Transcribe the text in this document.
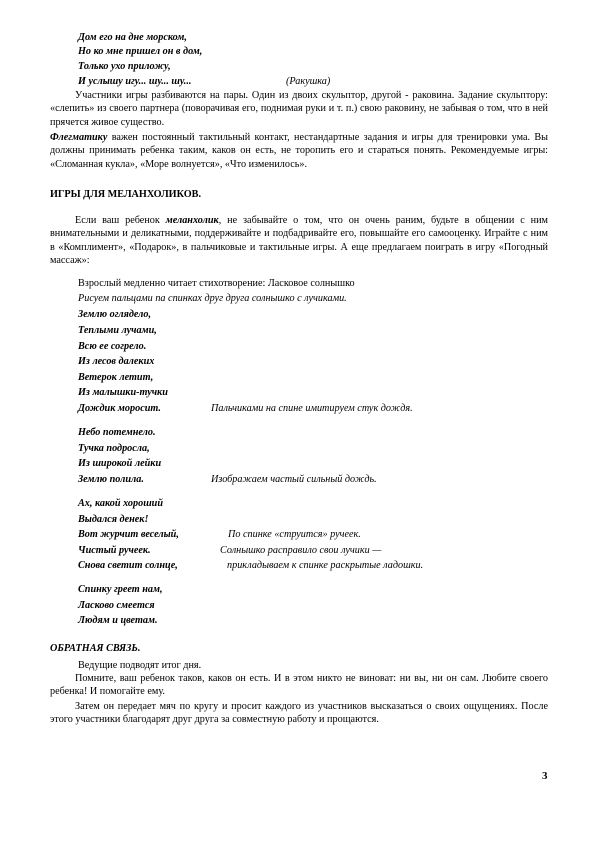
Дом его на дне морском,
Но ко мне пришел он в дом,
Только ухо приложу,
И услышу игу... шу... шу...	(Ракушка)
Участники игры разбиваются на пары. Один из двоих скульптор, другой - раковина. Задание скульптору: «слепить» из своего партнера (поворачивая его, поднимая руки и т. п.) свою раковину, не забывая о том, что в ней прячется живое существо.
Флегматику важен постоянный тактильный контакт, нестандартные задания и игры для тренировки ума. Вы должны принимать ребенка таким, каков он есть, не торопить его и стараться понять. Рекомендуемые игры: «Сломанная кукла», «Море волнуется», «Что изменилось».
ИГРЫ ДЛЯ МЕЛАНХОЛИКОВ.
Если ваш ребенок меланхолик, не забывайте о том, что он очень раним, будьте в общении с ним внимательными и деликатными, поддерживайте и подбадривайте его, повышайте его самооценку. Играйте с ним в «Комплимент», «Подарок», в пальчиковые и тактильные игры. А еще предлагаем поиграть в игру «Погодный массаж»:
Взрослый медленно читает стихотворение: Ласковое солнышко
Рисуем пальцами па спинках друг друга солнышко с лучиками.
Землю оглядело,
Теплыми лучами,
Всю ее согрело.
Из лесов далеких
Ветерок летит,
Из малышки-тучки
Дождик моросит.	Пальчиками на спине имитируем стук дождя.
Небо потемнело.
Тучка подросла,
Из широкой лейки
Землю полила.	Изображаем частый сильный дождь.
Ах, какой хороший
Выдался денек!
Вот журчит веселый,	По спинке «струится» ручеек.
Чистый ручеек.	Солнышко расправило свои лучики —
Снова светит солнце,	прикладываем к спинке раскрытые ладошки.
Спинку греет нам,
Ласково смеется
Людям и цветам.
ОБРАТНАЯ СВЯЗЬ.
Ведущие подводят итог дня.
Помните, ваш ребенок таков, каков он есть. И в этом никто не виноват: ни вы, ни он сам. Любите своего ребенка! И помогайте ему.
Затем он передает мяч по кругу и просит каждого из участников высказаться о своих ощущениях. После этого участники благодарят друг друга за совместную работу и прощаются.
3
